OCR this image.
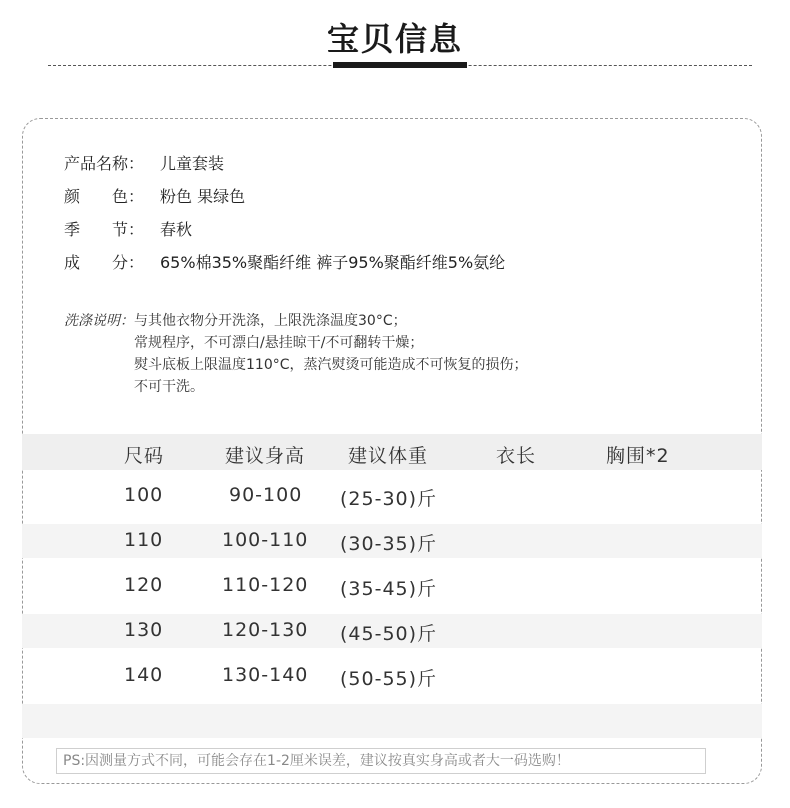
宝贝信息
产品名称： 儿童套装
颜　　色： 粉色 果绿色
季　　节： 春秋
成　　分： 65%棉35%聚酯纤维 裤子95%聚酯纤维5%氨纶
洗涤说明：与其他衣物分开洗涤，上限洗涤温度30°C；
常规程序，不可漂白/悬挂晾干/不可翻转干燥；
熨斗底板上限温度110°C，蒸汽熨烫可能造成不可恢复的损伤；
不可干洗。
尺码	建议身高 建议体重	衣长	胸围*2
100	90-100 (25-30)斤
110	100-110 (30-35)斤
120	110-120 (35-45)斤
130	120-130 (45-50)斤
140	130-140 (50-55)斤
PS:因测量方式不同，可能会存在1-2厘米误差，建议按真实身高或者大一码选购！
